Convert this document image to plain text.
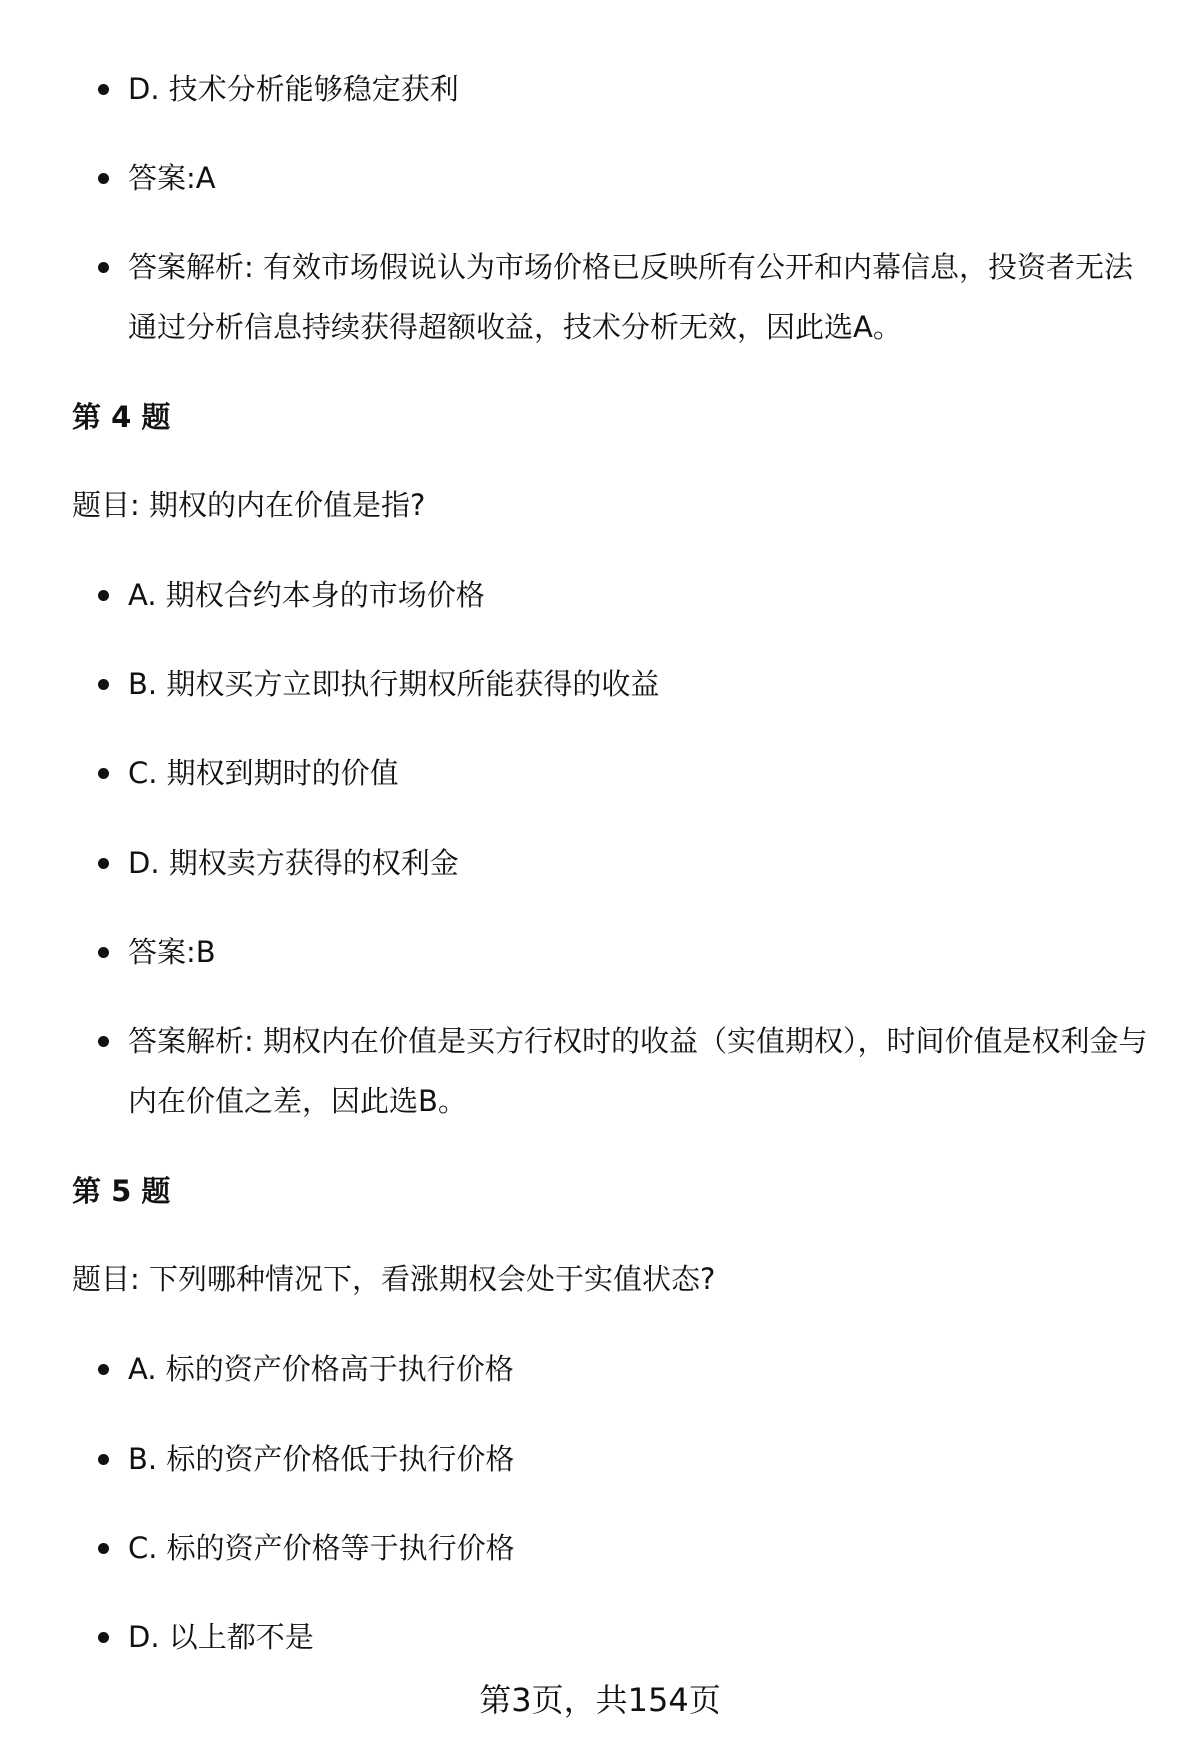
D. 技术分析能够稳定获利
答案:A
答案解析: 有效市场假说认为市场价格已反映所有公开和内幕信息，投资者无法通过分析信息持续获得超额收益，技术分析无效，因此选A。
第 4 题
题目: 期权的内在价值是指?
A. 期权合约本身的市场价格
B. 期权买方立即执行期权所能获得的收益
C. 期权到期时的价值
D. 期权卖方获得的权利金
答案:B
答案解析: 期权内在价值是买方行权时的收益（实值期权），时间价值是权利金与内在价值之差，因此选B。
第 5 题
题目: 下列哪种情况下，看涨期权会处于实值状态?
A. 标的资产价格高于执行价格
B. 标的资产价格低于执行价格
C. 标的资产价格等于执行价格
D. 以上都不是
第3页，共154页
